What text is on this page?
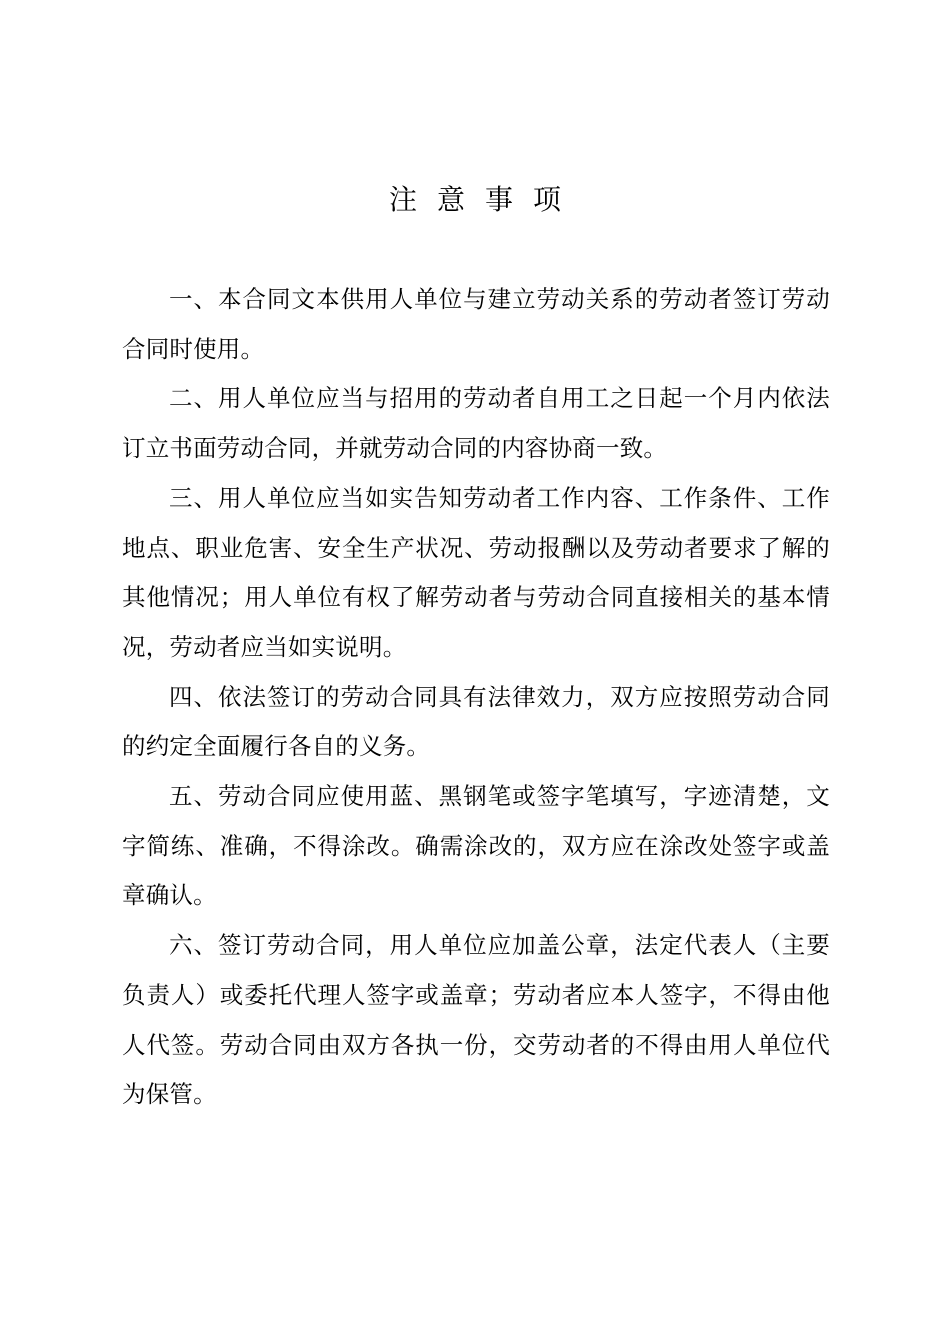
注意事项

一、本合同文本供用人单位与建立劳动关系的劳动者签订劳动合同时使用。

二、用人单位应当与招用的劳动者自用工之日起一个月内依法订立书面劳动合同，并就劳动合同的内容协商一致。

三、用人单位应当如实告知劳动者工作内容、工作条件、工作地点、职业危害、安全生产状况、劳动报酬以及劳动者要求了解的其他情况；用人单位有权了解劳动者与劳动合同直接相关的基本情况，劳动者应当如实说明。

四、依法签订的劳动合同具有法律效力，双方应按照劳动合同的约定全面履行各自的义务。

五、劳动合同应使用蓝、黑钢笔或签字笔填写，字迹清楚，文字简练、准确，不得涂改。确需涂改的，双方应在涂改处签字或盖章确认。

六、签订劳动合同，用人单位应加盖公章，法定代表人（主要负责人）或委托代理人签字或盖章；劳动者应本人签字，不得由他人代签。劳动合同由双方各执一份，交劳动者的不得由用人单位代为保管。
